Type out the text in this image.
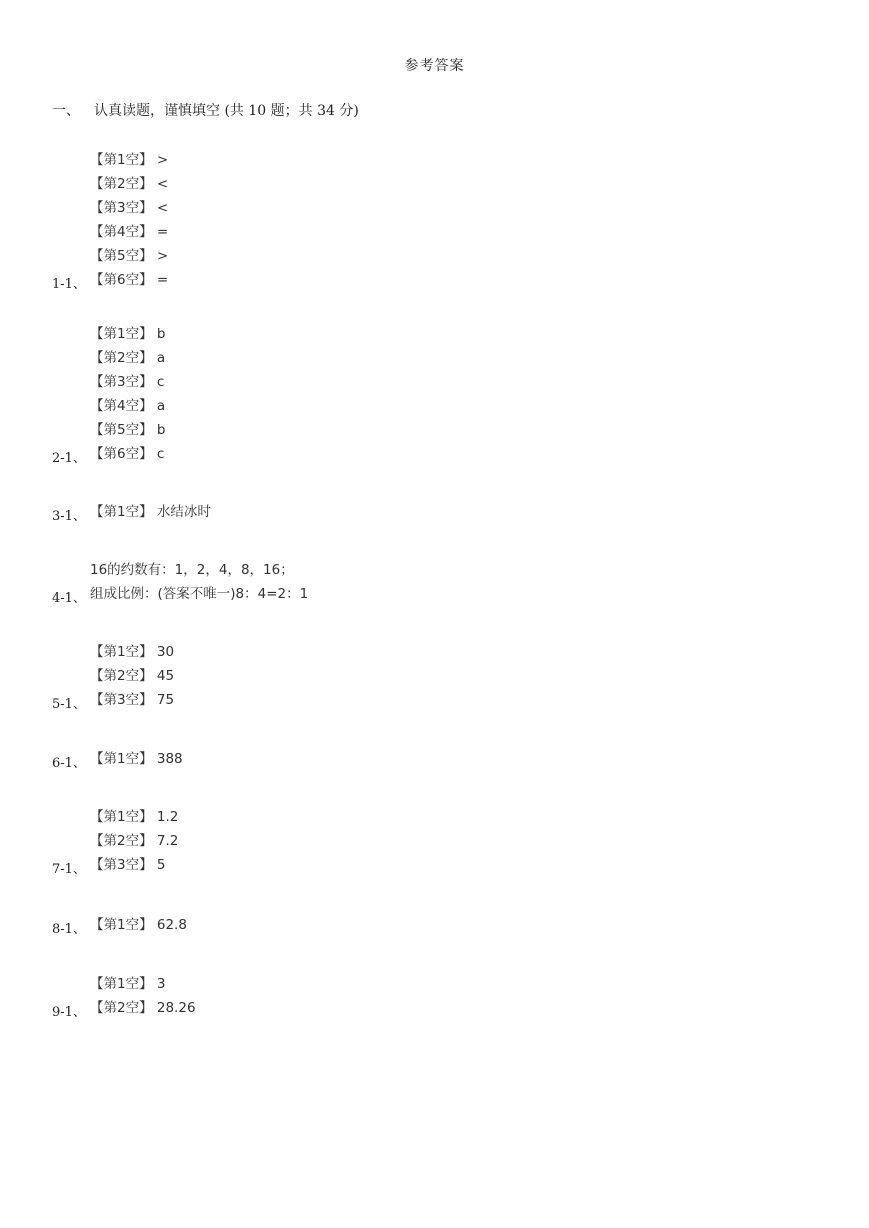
参考答案
一、 认真读题，谨慎填空 (共 10 题；共 34 分)
【第1空】 >
【第2空】 <
【第3空】 <
【第4空】 =
【第5空】 >
【第6空】 =
1-1、
【第1空】 b
【第2空】 a
【第3空】 c
【第4空】 a
【第5空】 b
【第6空】 c
2-1、
【第1空】 水结冰时
3-1、
16的约数有：1，2，4，8，16；
组成比例：(答案不唯一)8：4=2：1
4-1、
【第1空】 30
【第2空】 45
【第3空】 75
5-1、
【第1空】 388
6-1、
【第1空】 1.2
【第2空】 7.2
【第3空】 5
7-1、
【第1空】 62.8
8-1、
【第1空】 3
【第2空】 28.26
9-1、
